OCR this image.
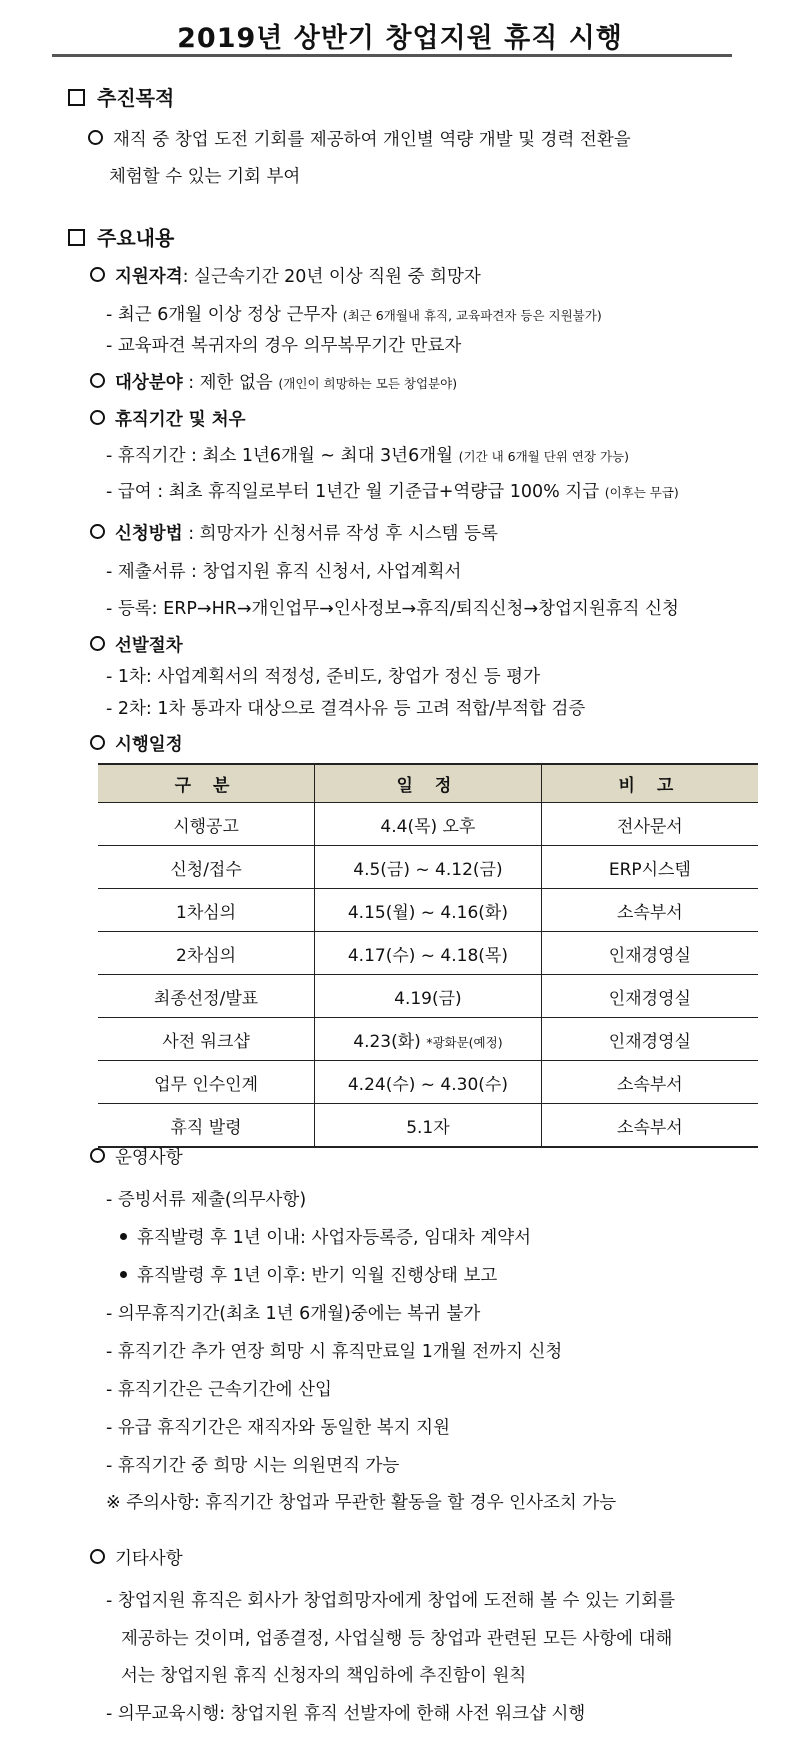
2019년 상반기 창업지원 휴직 시행
추진목적
재직 중 창업 도전 기회를 제공하여 개인별 역량 개발 및 경력 전환을
체험할 수 있는 기회 부여
주요내용
지원자격: 실근속기간 20년 이상 직원 중 희망자
- 최근 6개월 이상 정상 근무자 (최근 6개월내 휴직, 교육파견자 등은 지원불가)
- 교육파견 복귀자의 경우 의무복무기간 만료자
대상분야 : 제한 없음 (개인이 희망하는 모든 창업분야)
휴직기간 및 처우
- 휴직기간 : 최소 1년6개월 ~ 최대 3년6개월 (기간 내 6개월 단위 연장 가능)
- 급여 : 최초 휴직일로부터 1년간 월 기준급+역량급 100% 지급 (이후는 무급)
신청방법 : 희망자가 신청서류 작성 후 시스템 등록
- 제출서류 : 창업지원 휴직 신청서, 사업계획서
- 등록: ERP→HR→개인업무→인사정보→휴직/퇴직신청→창업지원휴직 신청
선발절차
- 1차: 사업계획서의 적정성, 준비도, 창업가 정신 등 평가
- 2차: 1차 통과자 대상으로 결격사유 등 고려 적합/부적합 검증
시행일정
구 분	일 정	비 고
시행공고	4.4(목) 오후	전사문서
신청/접수	4.5(금) ~ 4.12(금)	ERP시스템
1차심의	4.15(월) ~ 4.16(화)	소속부서
2차심의	4.17(수) ~ 4.18(목)	인재경영실
최종선정/발표	4.19(금)	인재경영실
사전 워크샵	4.23(화) *광화문(예정)	인재경영실
업무 인수인계	4.24(수) ~ 4.30(수)	소속부서
휴직 발령	5.1자	소속부서
운영사항
- 증빙서류 제출(의무사항)
휴직발령 후 1년 이내: 사업자등록증, 임대차 계약서
휴직발령 후 1년 이후: 반기 익월 진행상태 보고
- 의무휴직기간(최초 1년 6개월)중에는 복귀 불가
- 휴직기간 추가 연장 희망 시 휴직만료일 1개월 전까지 신청
- 휴직기간은 근속기간에 산입
- 유급 휴직기간은 재직자와 동일한 복지 지원
- 휴직기간 중 희망 시는 의원면직 가능
※ 주의사항: 휴직기간 창업과 무관한 활동을 할 경우 인사조치 가능
기타사항
- 창업지원 휴직은 회사가 창업희망자에게 창업에 도전해 볼 수 있는 기회를
제공하는 것이며, 업종결정, 사업실행 등 창업과 관련된 모든 사항에 대해
서는 창업지원 휴직 신청자의 책임하에 추진함이 원칙
- 의무교육시행: 창업지원 휴직 선발자에 한해 사전 워크샵 시행
